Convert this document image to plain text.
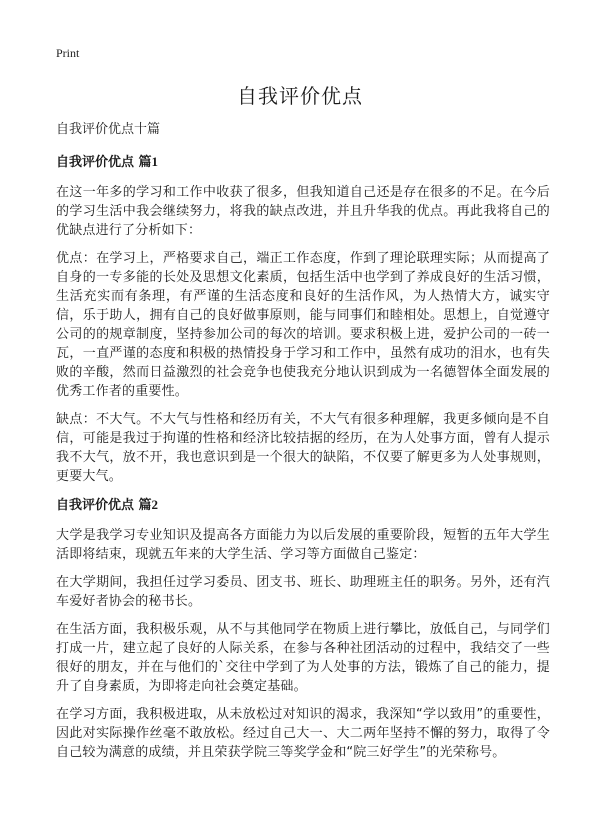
Print
自我评价优点

自我评价优点十篇

自我评价优点 篇1

在这一年多的学习和工作中收获了很多，但我知道自己还是存在很多的不足。在今后的学习生活中我会继续努力，将我的缺点改进，并且升华我的优点。再此我将自己的优缺点进行了分析如下：

优点：在学习上，严格要求自己，端正工作态度，作到了理论联理实际；从而提高了自身的一专多能的长处及思想文化素质，包括生活中也学到了养成良好的生活习惯，生活充实而有条理，有严谨的生活态度和良好的生活作风，为人热情大方，诚实守信，乐于助人，拥有自己的良好做事原则，能与同事们和睦相处。思想上，自觉遵守公司的的规章制度，坚持参加公司的每次的培训。要求积极上进，爱护公司的一砖一瓦，一直严谨的态度和积极的热情投身于学习和工作中，虽然有成功的泪水，也有失败的辛酸，然而日益激烈的社会竞争也使我充分地认识到成为一名德智体全面发展的优秀工作者的重要性。

缺点：不大气。不大气与性格和经历有关，不大气有很多种理解，我更多倾向是不自信，可能是我过于拘谨的性格和经济比较拮据的经历，在为人处事方面，曾有人提示我不大气，放不开，我也意识到是一个很大的缺陷，不仅要了解更多为人处事规则，更要大气。

自我评价优点 篇2

大学是我学习专业知识及提高各方面能力为以后发展的重要阶段，短暂的五年大学生活即将结束，现就五年来的大学生活、学习等方面做自己鉴定：

在大学期间，我担任过学习委员、团支书、班长、助理班主任的职务。另外，还有汽车爱好者协会的秘书长。

在生活方面，我积极乐观，从不与其他同学在物质上进行攀比，放低自己，与同学们打成一片，建立起了良好的人际关系，在参与各种社团活动的过程中，我结交了一些很好的朋友，并在与他们的`交往中学到了为人处事的方法，锻炼了自己的能力，提升了自身素质，为即将走向社会奠定基础。

在学习方面，我积极进取，从未放松过对知识的渴求，我深知“学以致用”的重要性，因此对实际操作丝毫不敢放松。经过自己大一、大二两年坚持不懈的努力，取得了令自己较为满意的成绩，并且荣获学院三等奖学金和“院三好学生”的光荣称号。
